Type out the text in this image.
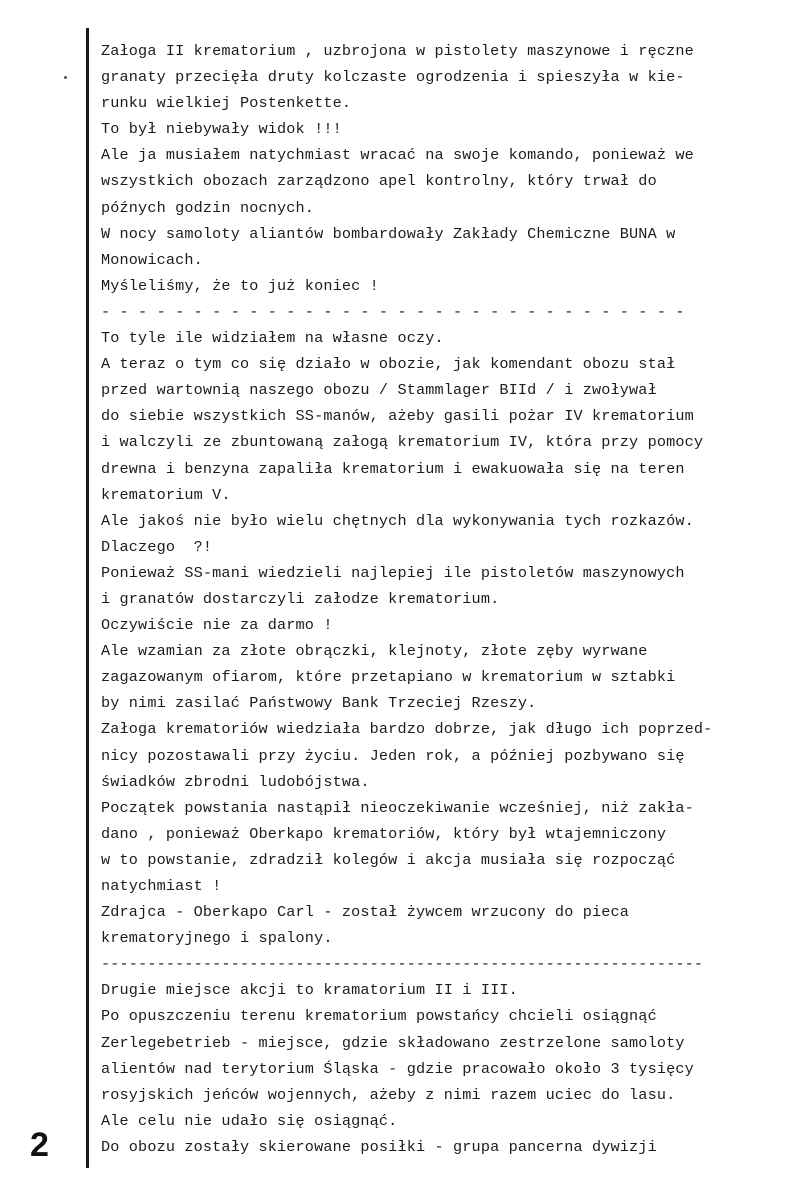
Załoga II krematorium , uzbrojona w pistolety maszynowe i ręczne
granaty przecięła druty kolczaste ogrodzenia i spieszyła w kie-
runku wielkiej Postenkette.
To był niebywały widok !!!
Ale ja musiałem natychmiast wracać na swoje komando, ponieważ we
wszystkich obozach zarządzono apel kontrolny, który trwał do
późnych godzin nocnych.
W nocy samoloty aliantów bombardowały Zakłady Chemiczne BUNA w
Monowicach.
Myśleliśmy, że to już koniec !
- - - - - - - - - - - - - - - - - - - - - - - - - - - - - - - -
To tyle ile widziałem na własne oczy.
A teraz o tym co się działo w obozie, jak komendant obozu stał
przed wartownią naszego obozu / Stammlager BIId / i zwoływał
do siebie wszystkich SS-manów, ażeby gasili pożar IV krematorium
i walczyli ze zbuntowaną załogą krematorium IV, która przy pomocy
drewna i benzyna zapaliła krematorium i ewakuowała się na teren
krematorium V.
Ale jakoś nie było wielu chętnych dla wykonywania tych rozkazów.
Dlaczego  ?!
Ponieważ SS-mani wiedzieli najlepiej ile pistoletów maszynowych
i granatów dostarczyli załodze krematorium.
Oczywiście nie za darmo !
Ale wzamian za złote obrączki, klejnoty, złote zęby wyrwane
zagazowanym ofiarom, które przetapiano w krematorium w sztabki
by nimi zasilać Państwowy Bank Trzeciej Rzeszy.
Załoga krematoriów wiedziała bardzo dobrze, jak długo ich poprzed-
nicy pozostawali przy życiu. Jeden rok, a później pozbywano się
świadków zbrodni ludobójstwa.
Początek powstania nastąpił nieoczekiwanie wcześniej, niż zakła-
dano , ponieważ Oberkapo krematoriów, który był wtajemniczony
w to powstanie, zdradził kolegów i akcja musiała się rozpocząć
natychmiast !
Zdrajca - Oberkapo Carl - został żywcem wrzucony do pieca
krematoryjnego i spalony.
-----------------------------------------------------------------
Drugie miejsce akcji to kramatorium II i III.
Po opuszczeniu terenu krematorium powstańcy chcieli osiągnąć
Zerlegebetrieb - miejsce, gdzie składowano zestrzelone samoloty
alientów nad terytorium Śląska - gdzie pracowało około 3 tysięcy
rosyjskich jeńców wojennych, ażeby z nimi razem uciec do lasu.
Ale celu nie udało się osiągnąć.
Do obozu zostały skierowane posiłki - grupa pancerna dywizji
2
